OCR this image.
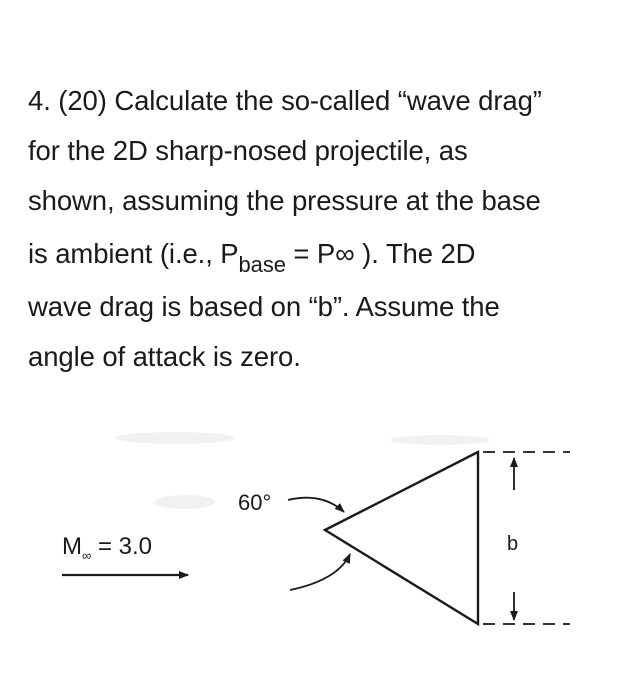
4. (20) Calculate the so-called “wave drag”
for the 2D sharp-nosed projectile, as
shown, assuming the pressure at the base
is ambient (i.e., $P_{base} = P\infty$ ). The 2D
wave drag is based on “b”. Assume the
angle of attack is zero.
$M_\infty = 3.0$
60°
b
